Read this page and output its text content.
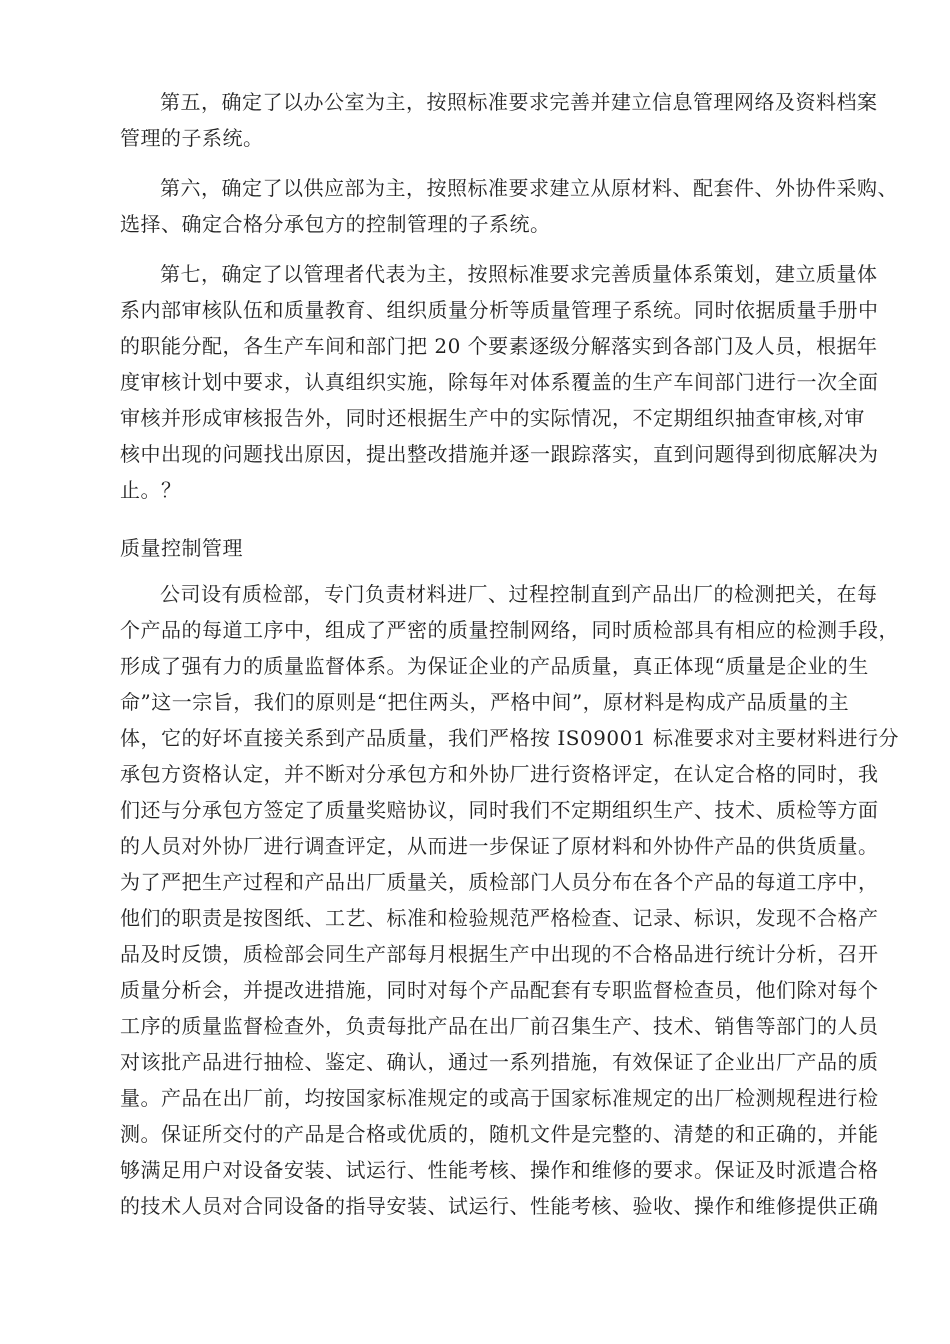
第五，确定了以办公室为主，按照标准要求完善并建立信息管理网络及资料档案
管理的子系统。
第六，确定了以供应部为主，按照标准要求建立从原材料、配套件、外协件采购、
选择、确定合格分承包方的控制管理的子系统。
第七，确定了以管理者代表为主，按照标准要求完善质量体系策划，建立质量体
系内部审核队伍和质量教育、组织质量分析等质量管理子系统。同时依据质量手册中
的职能分配，各生产车间和部门把 20 个要素逐级分解落实到各部门及人员，根据年
度审核计划中要求，认真组织实施，除每年对体系覆盖的生产车间部门进行一次全面
审核并形成审核报告外，同时还根据生产中的实际情况，不定期组织抽查审核,对审
核中出现的问题找出原因，提出整改措施并逐一跟踪落实，直到问题得到彻底解决为
止。？
质量控制管理
公司设有质检部，专门负责材料进厂、过程控制直到产品出厂的检测把关，在每
个产品的每道工序中，组成了严密的质量控制网络，同时质检部具有相应的检测手段，
形成了强有力的质量监督体系。为保证企业的产品质量，真正体现“质量是企业的生
命”这一宗旨，我们的原则是“把住两头，严格中间”，原材料是构成产品质量的主
体，它的好坏直接关系到产品质量，我们严格按 IS09001 标准要求对主要材料进行分
承包方资格认定，并不断对分承包方和外协厂进行资格评定，在认定合格的同时，我
们还与分承包方签定了质量奖赔协议，同时我们不定期组织生产、技术、质检等方面
的人员对外协厂进行调查评定，从而进一步保证了原材料和外协件产品的供货质量。
为了严把生产过程和产品出厂质量关，质检部门人员分布在各个产品的每道工序中，
他们的职责是按图纸、工艺、标准和检验规范严格检查、记录、标识，发现不合格产
品及时反馈，质检部会同生产部每月根据生产中出现的不合格品进行统计分析，召开
质量分析会，并提改进措施，同时对每个产品配套有专职监督检查员，他们除对每个
工序的质量监督检查外，负责每批产品在出厂前召集生产、技术、销售等部门的人员
对该批产品进行抽检、鉴定、确认，通过一系列措施，有效保证了企业出厂产品的质
量。产品在出厂前，均按国家标准规定的或高于国家标准规定的出厂检测规程进行检
测。保证所交付的产品是合格或优质的，随机文件是完整的、清楚的和正确的，并能
够满足用户对设备安装、试运行、性能考核、操作和维修的要求。保证及时派遣合格
的技术人员对合同设备的指导安装、试运行、性能考核、验收、操作和维修提供正确
